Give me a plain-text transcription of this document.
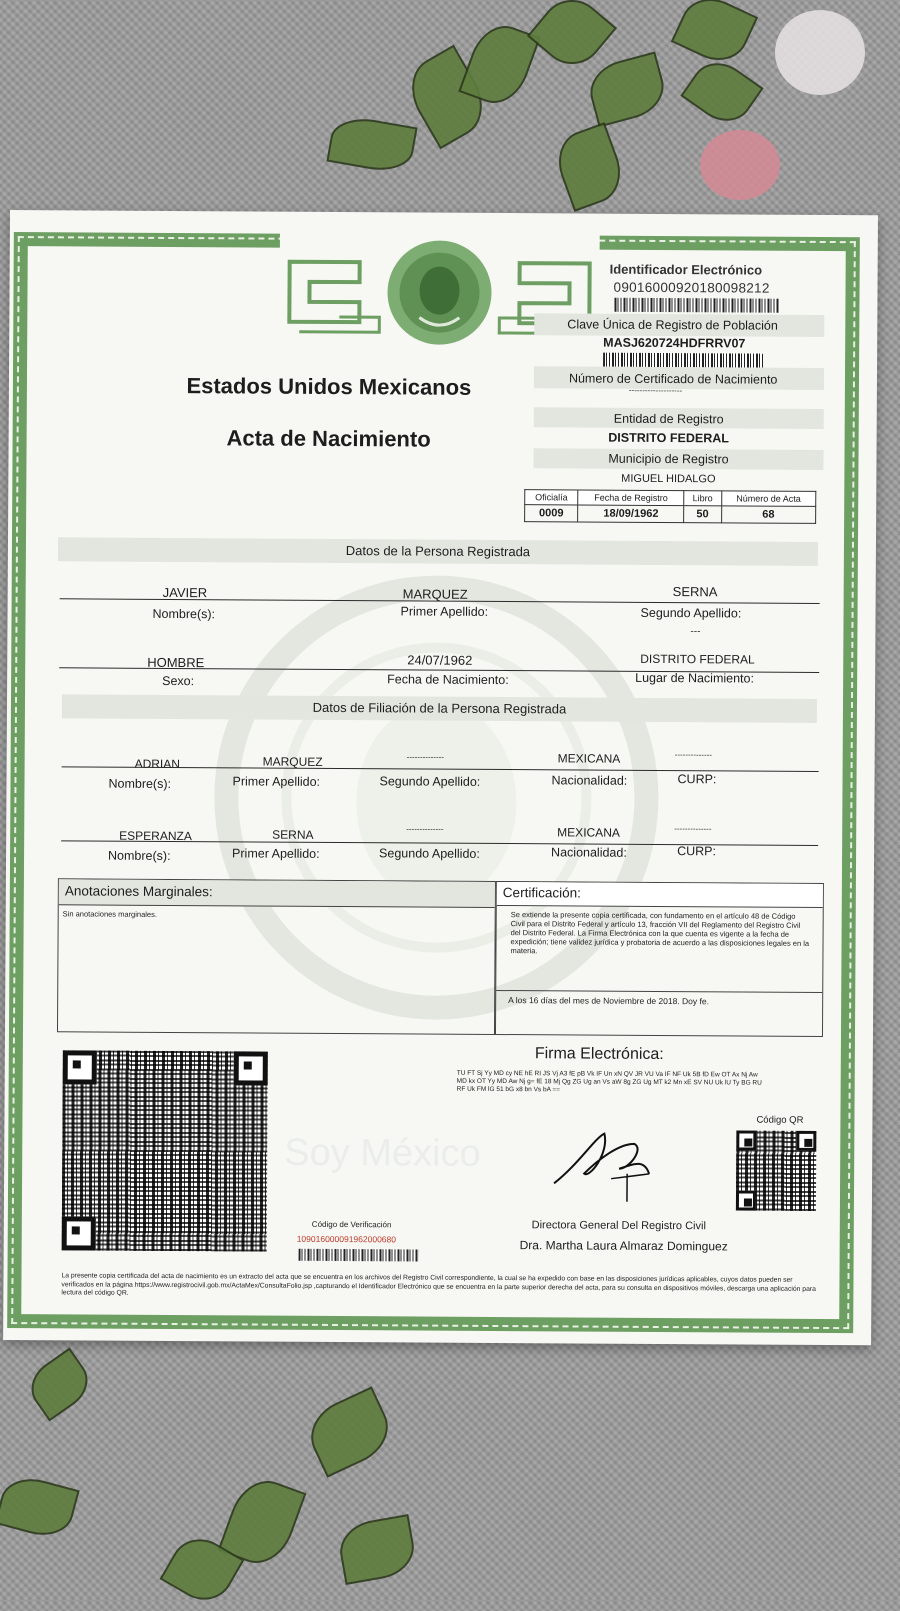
Estados Unidos Mexicanos
Acta de Nacimiento
Identificador Electrónico
0901600092018009821​2
Clave Única de Registro de Población
MASJ620724HDFRRV07
Número de Certificado de Nacimiento
--------------------
Entidad de Registro
DISTRITO FEDERAL
Municipio de Registro
MIGUEL HIDALGO
Oficialía	Fecha de Registro	Libro	Número de Acta
0009	18/09/1962	50	68
Datos de la Persona Registrada
JAVIER	MARQUEZ	SERNA
Nombre(s):	Primer Apellido:	Segundo Apellido:
---
HOMBRE	24/07/1962	DISTRITO FEDERAL
Sexo:	Fecha de Nacimiento:	Lugar de Nacimiento:
Datos de Filiación de la Persona Registrada
ADRIAN	MARQUEZ	--------------	MEXICANA	--------------
Nombre(s):	Primer Apellido:	Segundo Apellido:	Nacionalidad:	CURP:
ESPERANZA	SERNA	--------------	MEXICANA	--------------
Nombre(s):	Primer Apellido:	Segundo Apellido:	Nacionalidad:	CURP:
Anotaciones Marginales:
Sin anotaciones marginales.
Certificación:
Se extiende la presente copia certificada, con fundamento en el artículo 48 de Código Civil para el Distrito Federal y artículo 13, fracción VII del Reglamento del Registro Civil del Distrito Federal. La Firma Electrónica con la que cuenta es vigente a la fecha de expedición; tiene validez jurídica y probatoria de acuerdo a las disposiciones legales en la materia.
A los 16 días del mes de Noviembre de 2018. Doy fe.
Firma Electrónica:
TU FT Sj Yy MD cy NE hE RI JS Vj A3 fE pB Vk IF Un xN QV JR VU Va IF NF Uk 5B fD Ew OT Ax Nj Aw MD kx OT Yy MD Aw Nj g= fE 18 Mj Qg ZG Ug an Vs aW 8g ZG Ug MT k2 Mn xE SV NU Uk lU Ty BG RU RF Uk FM lG 51 bG x8 bn Vs bA ==
Soy México
Código QR
Directora General Del Registro Civil
Dra. Martha Laura Almaraz Dominguez
Código de Verificación
109016000091962000680
La presente copia certificada del acta de nacimiento es un extracto del acta que se encuentra en los archivos del Registro Civil correspondiente, la cual se ha expedido con base en las disposiciones jurídicas aplicables, cuyos datos pueden ser verificados en la página https://www.registrocivil.gob.mx/ActaMex/ConsultaFolio.jsp ,capturando el Identificador Electrónico que se encuentra en la parte superior derecha del acta, para su consulta en dispositivos móviles, descarga una aplicación para lectura del código QR.
